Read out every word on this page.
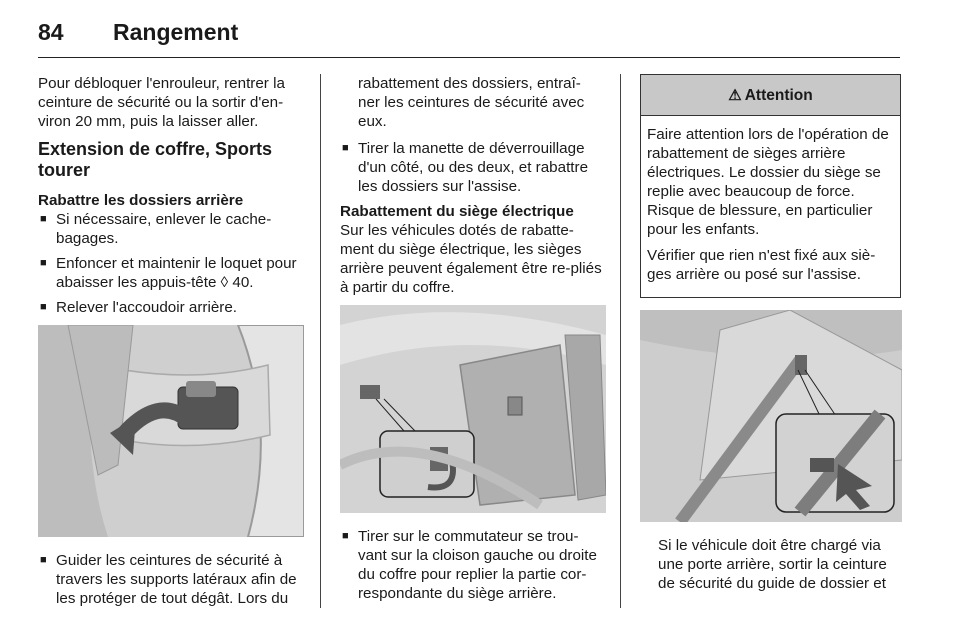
84	Rangement

Pour débloquer l'enrouleur, rentrer la ceinture de sécurité ou la sortir d'en-viron 20 mm, puis la laisser aller.

Extension de coffre, Sports tourer
Rabattre les dossiers arrière
■ Si nécessaire, enlever le cache-bagages.
■ Enfoncer et maintenir le loquet pour abaisser les appuis-tête ◊ 40.
■ Relever l'accoudoir arrière.
■ Guider les ceintures de sécurité à travers les supports latéraux afin de les protéger de tout dégât. Lors du

rabattement des dossiers, entraî-ner les ceintures de sécurité avec eux.

■ Tirer la manette de déverrouillage d'un côté, ou des deux, et rabattre les dossiers sur l'assise.
Rabattement du siège électrique

Sur les véhicules dotés de rabatte-ment du siège électrique, les sièges arrière peuvent également être re-pliés à partir du coffre.

■ Tirer sur le commutateur se trou-vant sur la cloison gauche ou droite du coffre pour replier la partie cor-respondante du siège arrière.
⚠ Attention

Faire attention lors de l'opération de rabattement de sièges arrière électriques. Le dossier du siège se replie avec beaucoup de force. Risque de blessure, en particulier pour les enfants.

Vérifier que rien n'est fixé aux siè-ges arrière ou posé sur l'assise.

Si le véhicule doit être chargé via une porte arrière, sortir la ceinture de sécurité du guide de dossier et
